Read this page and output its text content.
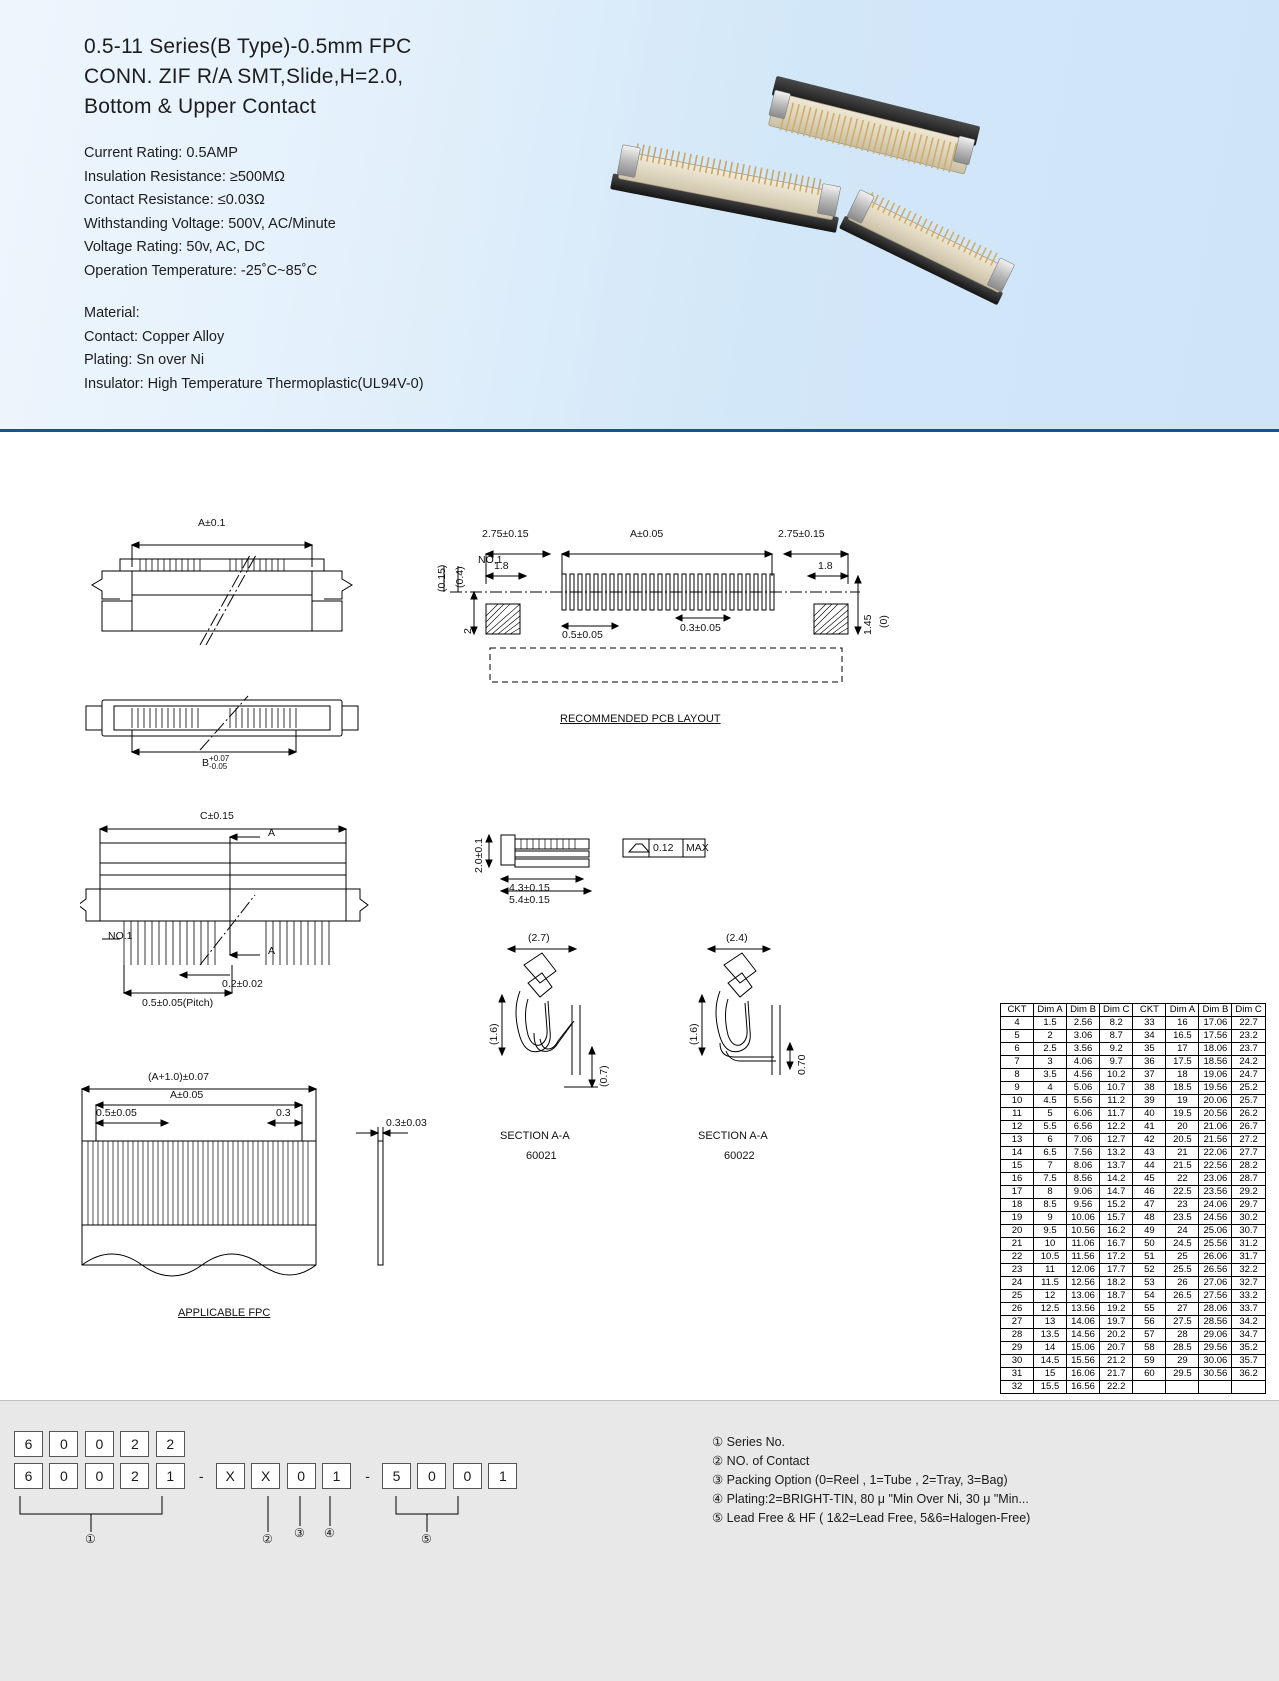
0.5-11 Series(B Type)-0.5mm FPC
CONN. ZIF R/A SMT,Slide,H=2.0,
Bottom & Upper Contact
Current Rating: 0.5AMP
Insulation Resistance: ≥500MΩ
Contact Resistance: ≤0.03Ω
Withstanding Voltage: 500V, AC/Minute
Voltage Rating: 50v, AC, DC
Operation Temperature: -25˚C~85˚C
Material:
Contact: Copper Alloy
Plating: Sn over Ni
Insulator: High Temperature Thermoplastic(UL94V-0)
A±0.1
B +0.07
-0.05
C±0.15
A
A
NO.1
0.2±0.02
0.5±0.05(Pitch)
2.75±0.15	A±0.05	2.75±0.15
NO.1
1.8	1.8
0.5±0.05
0.3±0.05
(0.15) (0.4)
2	1.45 (0)
RECOMMENDED PCB LAYOUT
2.0±0.1
4.3±0.15
5.4±0.15
0.12 MAX
(2.7)
(1.6)
(0.7)
SECTION A-A
60021
(2.4)
(1.6)
0.70
SECTION A-A
60022
(A+1.0)±0.07
A±0.05
0.5±0.05	0.3
0.3±0.03
APPLICABLE FPC
CKT	Dim A	Dim B	Dim C	CKT	Dim A	Dim B	Dim C
4	1.5	2.56	8.2	33	16	17.06	22.7
5	2	3.06	8.7	34	16.5	17.56	23.2
6	2.5	3.56	9.2	35	17	18.06	23.7
7	3	4.06	9.7	36	17.5	18.56	24.2
8	3.5	4.56	10.2	37	18	19.06	24.7
9	4	5.06	10.7	38	18.5	19.56	25.2
10	4.5	5.56	11.2	39	19	20.06	25.7
11	5	6.06	11.7	40	19.5	20.56	26.2
12	5.5	6.56	12.2	41	20	21.06	26.7
13	6	7.06	12.7	42	20.5	21.56	27.2
14	6.5	7.56	13.2	43	21	22.06	27.7
15	7	8.06	13.7	44	21.5	22.56	28.2
16	7.5	8.56	14.2	45	22	23.06	28.7
17	8	9.06	14.7	46	22.5	23.56	29.2
18	8.5	9.56	15.2	47	23	24.06	29.7
19	9	10.06	15.7	48	23.5	24.56	30.2
20	9.5	10.56	16.2	49	24	25.06	30.7
21	10	11.06	16.7	50	24.5	25.56	31.2
22	10.5	11.56	17.2	51	25	26.06	31.7
23	11	12.06	17.7	52	25.5	26.56	32.2
24	11.5	12.56	18.2	53	26	27.06	32.7
25	12	13.06	18.7	54	26.5	27.56	33.2
26	12.5	13.56	19.2	55	27	28.06	33.7
27	13	14.06	19.7	56	27.5	28.56	34.2
28	13.5	14.56	20.2	57	28	29.06	34.7
29	14	15.06	20.7	58	28.5	29.56	35.2
30	14.5	15.56	21.2	59	29	30.06	35.7
31	15	16.06	21.7	60	29.5	30.56	36.2
32	15.5	16.56	22.2				
6 0 0 2 2
6 0 0 2 1 - X X 0 1 - 5 0 0 1
①	② ③ ④	⑤
① Series No.
② NO. of Contact
③ Packing Option (0=Reel , 1=Tube , 2=Tray, 3=Bag)
④ Plating:2=BRIGHT-TIN, 80 μ "Min Over Ni, 30 μ "Min...
⑤ Lead Free & HF ( 1&2=Lead Free, 5&6=Halogen-Free)
